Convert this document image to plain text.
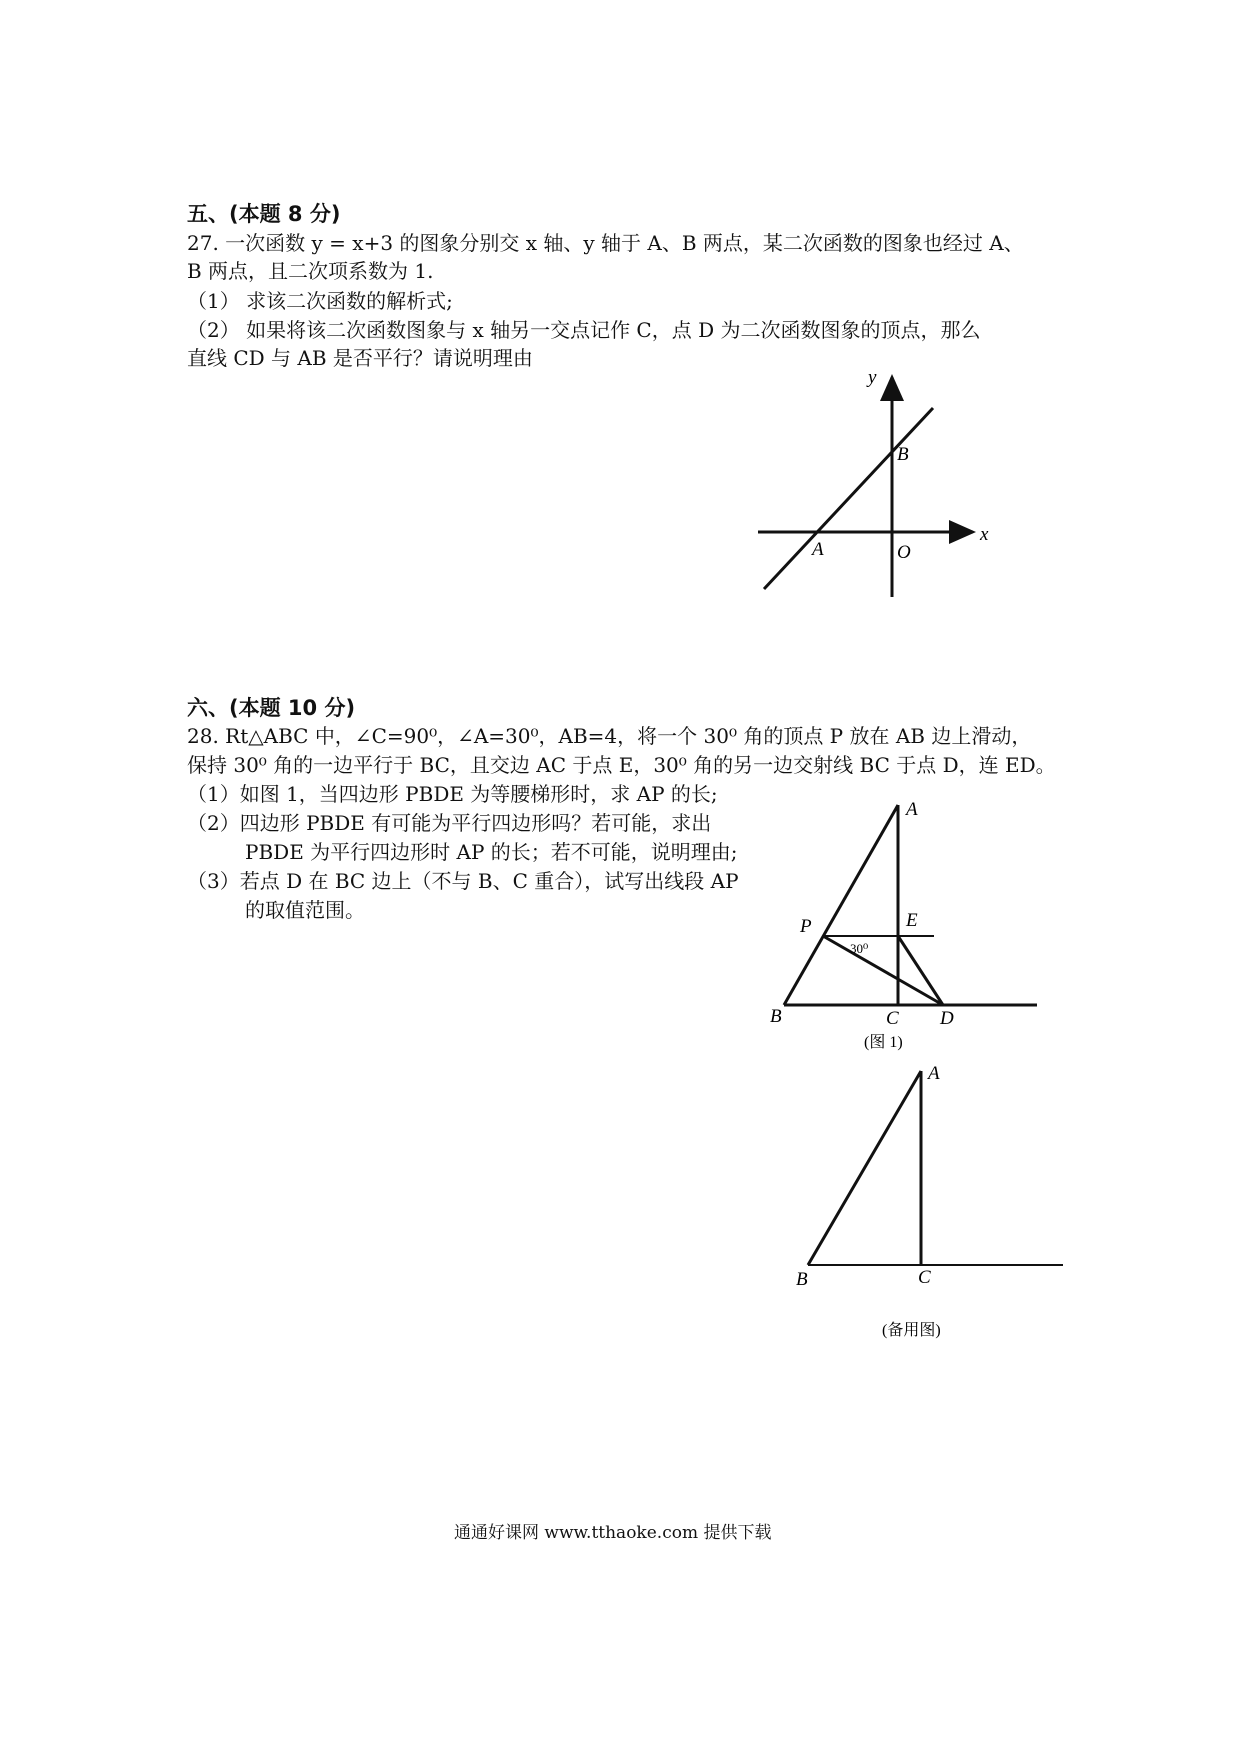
五、(本题 8 分)
27. 一次函数 y = x+3 的图象分别交 x 轴、y 轴于 A、B 两点，某二次函数的图象也经过 A、
B 两点，且二次项系数为 1.
（1） 求该二次函数的解析式;
（2） 如果将该二次函数图象与 x 轴另一交点记作 C，点 D 为二次函数图象的顶点，那么
直线 CD 与 AB 是否平行？请说明理由
y
x
B
A	O
六、(本题 10 分)
28. Rt△ABC 中，∠C=90⁰，∠A=30⁰，AB=4，将一个 30⁰ 角的顶点 P 放在 AB 边上滑动，
保持 30⁰ 角的一边平行于 BC，且交边 AC 于点 E，30⁰ 角的另一边交射线 BC 于点 D，连 ED。
（1）如图 1，当四边形 PBDE 为等腰梯形时，求 AP 的长;
（2）四边形 PBDE 有可能为平行四边形吗？若可能，求出
PBDE 为平行四边形时 AP 的长；若不可能，说明理由;
（3）若点 D 在 BC 边上（不与 B、C 重合），试写出线段 AP
的取值范围。
A
P	E
30⁰
B	C D
(图 1)
A
B	C
(备用图)
通通好课网 www.tthaoke.com 提供下载
